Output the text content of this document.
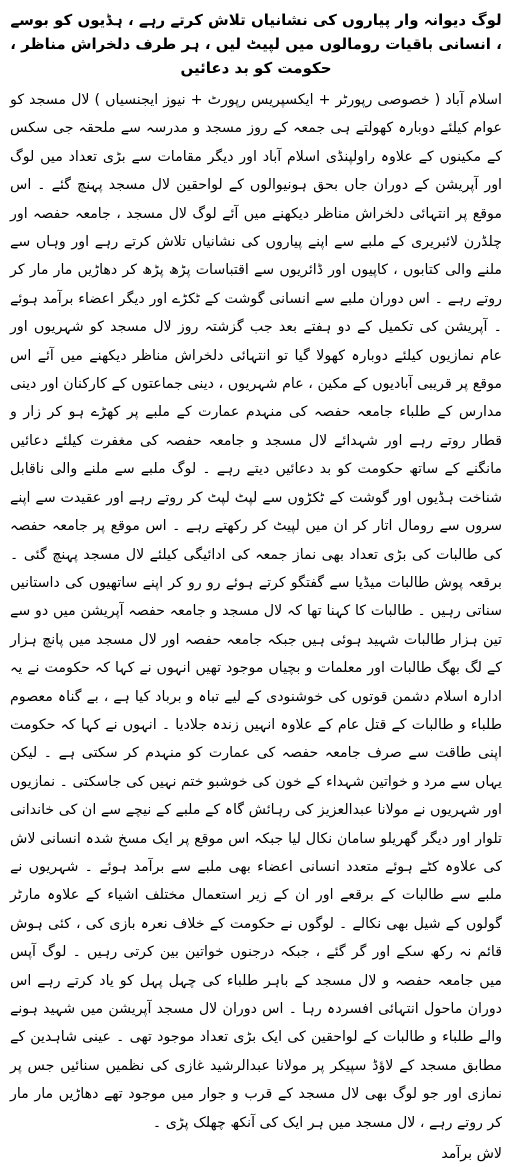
لوگ دیوانہ وار پیاروں کی نشانیاں تلاش کرتے رہے ، ہڈیوں کو بوسے ، انسانی باقیات رومالوں میں لپیٹ لیں ، ہر طرف دلخراش مناظر ، حکومت کو بد دعائیں

اسلام آباد ( خصوصی رپورٹر + ایکسپریس رپورٹ + نیوز ایجنسیاں ) لال مسجد کو عوام کیلئے دوبارہ کھولتے ہی جمعہ کے روز مسجد و مدرسہ سے ملحقہ جی سکس کے مکینوں کے علاوہ راولپنڈی اسلام آباد اور دیگر مقامات سے بڑی تعداد میں لوگ اور آپریشن کے دوران جاں بحق ہونیوالوں کے لواحقین لال مسجد پہنچ گئے ۔ اس موقع پر انتہائی دلخراش مناظر دیکھنے میں آئے لوگ لال مسجد ، جامعہ حفصہ اور چلڈرن لائبریری کے ملبے سے اپنے پیاروں کی نشانیاں تلاش کرتے رہے اور وہاں سے ملنے والی کتابوں ، کاپیوں اور ڈائریوں سے اقتباسات پڑھ پڑھ کر دھاڑیں مار مار کر روتے رہے ۔ اس دوران ملبے سے انسانی گوشت کے ٹکڑے اور دیگر اعضاء برآمد ہوئے ۔ آپریشن کی تکمیل کے دو ہفتے بعد جب گزشتہ روز لال مسجد کو شہریوں اور عام نمازیوں کیلئے دوبارہ کھولا گیا تو انتہائی دلخراش مناظر دیکھنے میں آئے اس موقع پر قریبی آبادیوں کے مکین ، عام شہریوں ، دینی جماعتوں کے کارکنان اور دینی مدارس کے طلباء جامعہ حفصہ کی منہدم عمارت کے ملبے پر کھڑے ہو کر زار و قطار روتے رہے اور شہدائے لال مسجد و جامعہ حفصہ کی مغفرت کیلئے دعائیں مانگنے کے ساتھ حکومت کو بد دعائیں دیتے رہے ۔ لوگ ملبے سے ملنے والی ناقابل شناخت ہڈیوں اور گوشت کے ٹکڑوں سے لپٹ لپٹ کر روتے رہے اور عقیدت سے اپنے سروں سے رومال اتار کر ان میں لپیٹ کر رکھتے رہے ۔ اس موقع پر جامعہ حفصہ کی طالبات کی بڑی تعداد بھی نماز جمعہ کی ادائیگی کیلئے لال مسجد پہنچ گئی ۔ برقعہ پوش طالبات میڈیا سے گفتگو کرتے ہوئے رو رو کر اپنے ساتھیوں کی داستانیں سناتی رہیں ۔ طالبات کا کہنا تھا کہ لال مسجد و جامعہ حفصہ آپریشن میں دو سے تین ہزار طالبات شہید ہوئی ہیں جبکہ جامعہ حفصہ اور لال مسجد میں پانچ ہزار کے لگ بھگ طالبات اور معلمات و بچیاں موجود تھیں انہوں نے کہا کہ حکومت نے یہ ادارہ اسلام دشمن قوتوں کی خوشنودی کے لیے تباہ و برباد کیا ہے ، بے گناہ معصوم طلباء و طالبات کے قتل عام کے علاوہ انہیں زندہ جلادیا ۔ انہوں نے کہا کہ حکومت اپنی طاقت سے صرف جامعہ حفصہ کی عمارت کو منہدم کر سکتی ہے ۔ لیکن یہاں سے مرد و خواتین شہداء کے خون کی خوشبو ختم نہیں کی جاسکتی ۔ نمازیوں اور شہریوں نے مولانا عبدالعزیز کی رہائش گاہ کے ملبے کے نیچے سے ان کی خاندانی تلوار اور دیگر گھریلو سامان نکال لیا جبکہ اس موقع پر ایک مسخ شدہ انسانی لاش کی علاوہ کٹے ہوئے متعدد انسانی اعضاء بھی ملبے سے برآمد ہوئے ۔ شہریوں نے ملبے سے طالبات کے برقعے اور ان کے زیر استعمال مختلف اشیاء کے علاوہ مارٹر گولوں کے شیل بھی نکالے ۔ لوگوں نے حکومت کے خلاف نعرہ بازی کی ، کئی ہوش قائم نہ رکھ سکے اور گر گئے ، جبکہ درجنوں خواتین بین کرتی رہیں ۔ لوگ آپس میں جامعہ حفصہ و لال مسجد کے باہر طلباء کی چہل پہل کو یاد کرتے رہے اس دوران ماحول انتہائی افسردہ رہا ۔ اس دوران لال مسجد آپریشن میں شہید ہونے والے طلباء و طالبات کے لواحقین کی ایک بڑی تعداد موجود تھی ۔ عینی شاہدین کے مطابق مسجد کے لاؤڈ سپیکر پر مولانا عبدالرشید غازی کی نظمیں سنائیں جس پر نمازی اور جو لوگ بھی لال مسجد کے قرب و جوار میں موجود تھے دھاڑیں مار مار کر روتے رہے ، لال مسجد میں ہر ایک کی آنکھ چھلک پڑی ۔

لاش برآمد
